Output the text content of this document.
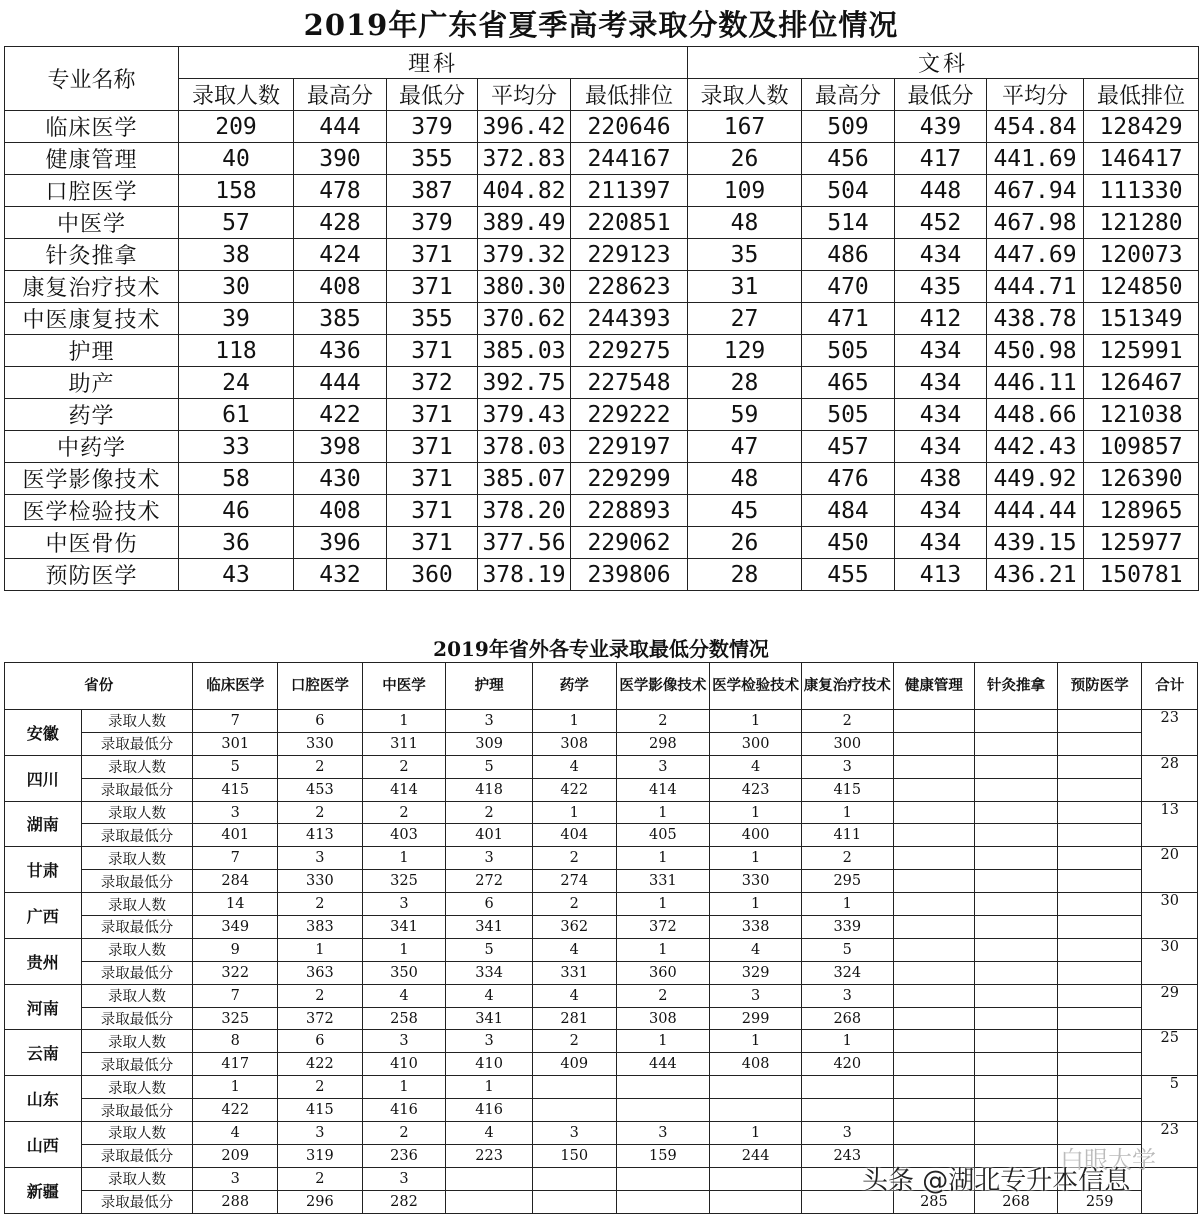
2019年广东省夏季高考录取分数及排位情况
专业名称	理科					文科				
	录取人数	最高分	最低分	平均分	最低排位	录取人数	最高分	最低分	平均分	最低排位
临床医学	209	444	379	396.42	220646	167	509	439	454.84	128429
健康管理	40	390	355	372.83	244167	26	456	417	441.69	146417
口腔医学	158	478	387	404.82	211397	109	504	448	467.94	111330
中医学	57	428	379	389.49	220851	48	514	452	467.98	121280
针灸推拿	38	424	371	379.32	229123	35	486	434	447.69	120073
康复治疗技术	30	408	371	380.30	228623	31	470	435	444.71	124850
中医康复技术	39	385	355	370.62	244393	27	471	412	438.78	151349
护理	118	436	371	385.03	229275	129	505	434	450.98	125991
助产	24	444	372	392.75	227548	28	465	434	446.11	126467
药学	61	422	371	379.43	229222	59	505	434	448.66	121038
中药学	33	398	371	378.03	229197	47	457	434	442.43	109857
医学影像技术	58	430	371	385.07	229299	48	476	438	449.92	126390
医学检验技术	46	408	371	378.20	228893	45	484	434	444.44	128965
中医骨伤	36	396	371	377.56	229062	26	450	434	439.15	125977
预防医学	43	432	360	378.19	239806	28	455	413	436.21	150781
2019年省外各专业录取最低分数情况
省份		临床医学	口腔医学	中医学	护理	药学	医学影像技术	医学检验技术	康复治疗技术	健康管理	针灸推拿	预防医学	合计
安徽	录取人数	7	6	1	3	1	2	1	2				23
	录取最低分	301	330	311	309	308	298	300	300				
四川	录取人数	5	2	2	5	4	3	4	3				28
	录取最低分	415	453	414	418	422	414	423	415				
湖南	录取人数	3	2	2	2	1	1	1	1				13
	录取最低分	401	413	403	401	404	405	400	411				
甘肃	录取人数	7	3	1	3	2	1	1	2				20
	录取最低分	284	330	325	272	274	331	330	295				
广西	录取人数	14	2	3	6	2	1	1	1				30
	录取最低分	349	383	341	341	362	372	338	339				
贵州	录取人数	9	1	1	5	4	1	4	5				30
	录取最低分	322	363	350	334	331	360	329	324				
河南	录取人数	7	2	4	4	4	2	3	3				29
	录取最低分	325	372	258	341	281	308	299	268				
云南	录取人数	8	6	3	3	2	1	1	1				25
	录取最低分	417	422	410	410	409	444	408	420				
山东	录取人数	1	2	1	1								5
	录取最低分	422	415	416	416								
山西	录取人数	4	3	2	4	3	3	1	3				23
	录取最低分	209	319	236	223	150	159	244	243				
新疆	录取人数	3	2	3									
	录取最低分	288	296	282						285	268	259	
白眼大学
头条 @湖北专升本信息
